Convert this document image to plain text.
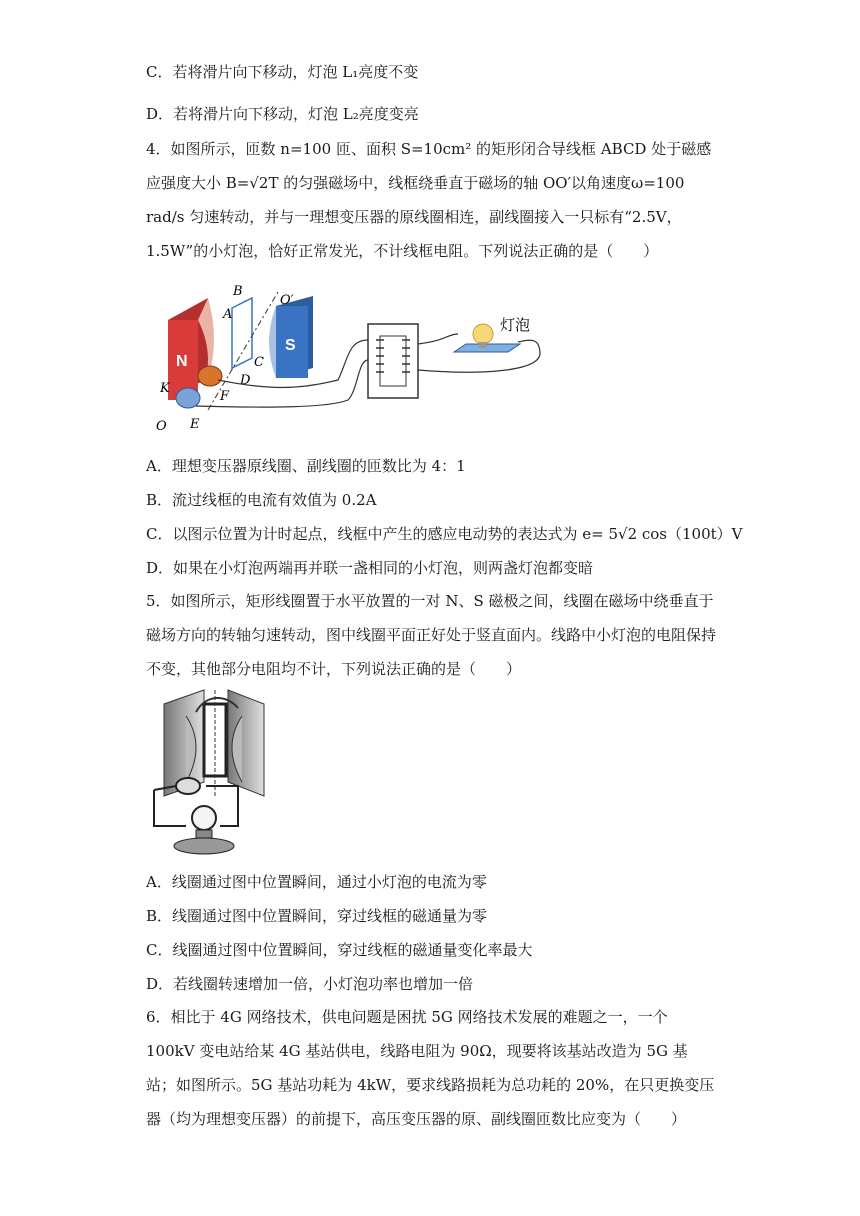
C．若将滑片向下移动，灯泡 L₁亮度不变
D．若将滑片向下移动，灯泡 L₂亮度变亮
4．如图所示，匝数 n=100 匝、面积 S=10cm² 的矩形闭合导线框 ABCD 处于磁感应强度大小 B=√2T 的匀强磁场中，线框绕垂直于磁场的轴 OO′以角速度ω=100 rad/s 匀速转动，并与一理想变压器的原线圈相连，副线圈接入一只标有“2.5V， 1.5W”的小灯泡，恰好正常发光，不计线框电阻。下列说法正确的是（　　）
N
S
B
A
C
D
O′
F
K
O E
灯泡
A．理想变压器原线圈、副线圈的匝数比为 4：1
B．流过线框的电流有效值为 0.2A
C．以图示位置为计时起点，线框中产生的感应电动势的表达式为 e= 5√2 cos（100t）V
D．如果在小灯泡两端再并联一盏相同的小灯泡，则两盏灯泡都变暗
5．如图所示，矩形线圈置于水平放置的一对 N、S 磁极之间，线圈在磁场中绕垂直于磁场方向的转轴匀速转动，图中线圈平面正好处于竖直面内。线路中小灯泡的电阻保持不变，其他部分电阻均不计，下列说法正确的是（　　）
A．线圈通过图中位置瞬间，通过小灯泡的电流为零
B．线圈通过图中位置瞬间，穿过线框的磁通量为零
C．线圈通过图中位置瞬间，穿过线框的磁通量变化率最大
D．若线圈转速增加一倍，小灯泡功率也增加一倍
6．相比于 4G 网络技术，供电问题是困扰 5G 网络技术发展的难题之一，一个 100kV 变电站给某 4G 基站供电，线路电阻为 90Ω，现要将该基站改造为 5G 基站；如图所示。5G 基站功耗为 4kW，要求线路损耗为总功耗的 20%，在只更换变压器（均为理想变压器）的前提下，高压变压器的原、副线圈匝数比应变为（　　）
